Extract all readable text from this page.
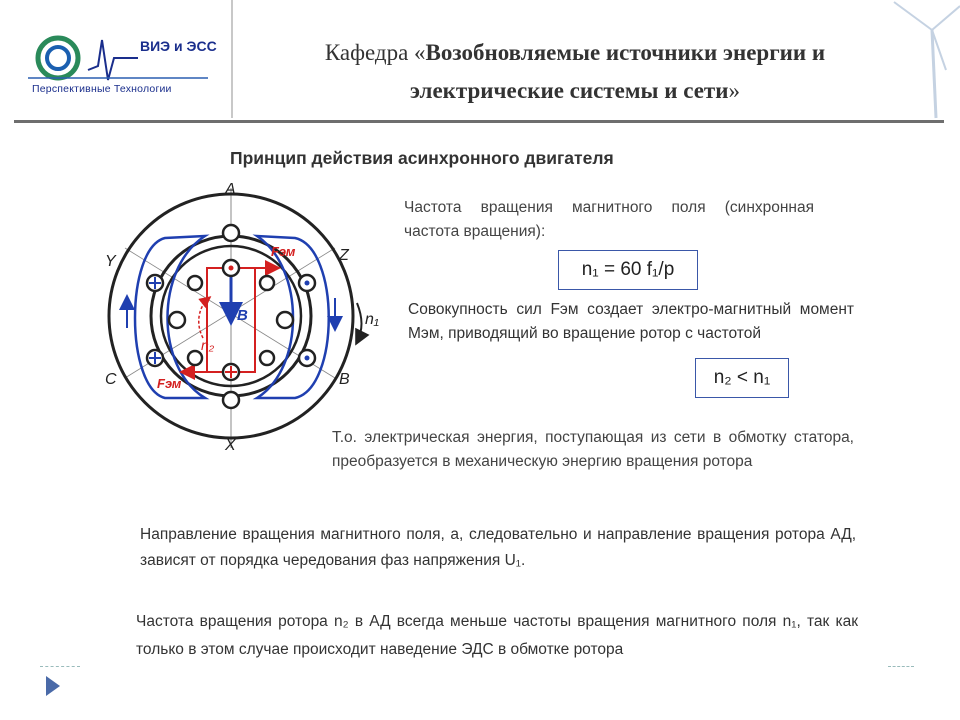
ВИЭ и ЭСС
Перспективные Технологии
Кафедра «Возобновляемые источники энергии и
электрические системы и сети»
Принцип действия асинхронного двигателя
A
X
Y	Z
C	B
n₁
n₂
B
Fэм
Fэм
Частота вращения магнитного поля (синхронная частота вращения):
n₁ = 60 f₁/p
Совокупность сил Fэм создает электро-магнитный момент Mэм, приводящий во вращение ротор с частотой
n₂ < n₁
Т.о. электрическая энергия, поступающая из сети в обмотку статора, преобразуется в механическую энергию вращения ротора
Направление вращения магнитного поля, а, следовательно и направление вращения ротора АД, зависят от порядка чередования фаз напряжения U₁.
Частота вращения ротора n₂ в АД всегда меньше частоты вращения магнитного поля n₁, так как только в этом случае происходит наведение ЭДС в обмотке ротора
